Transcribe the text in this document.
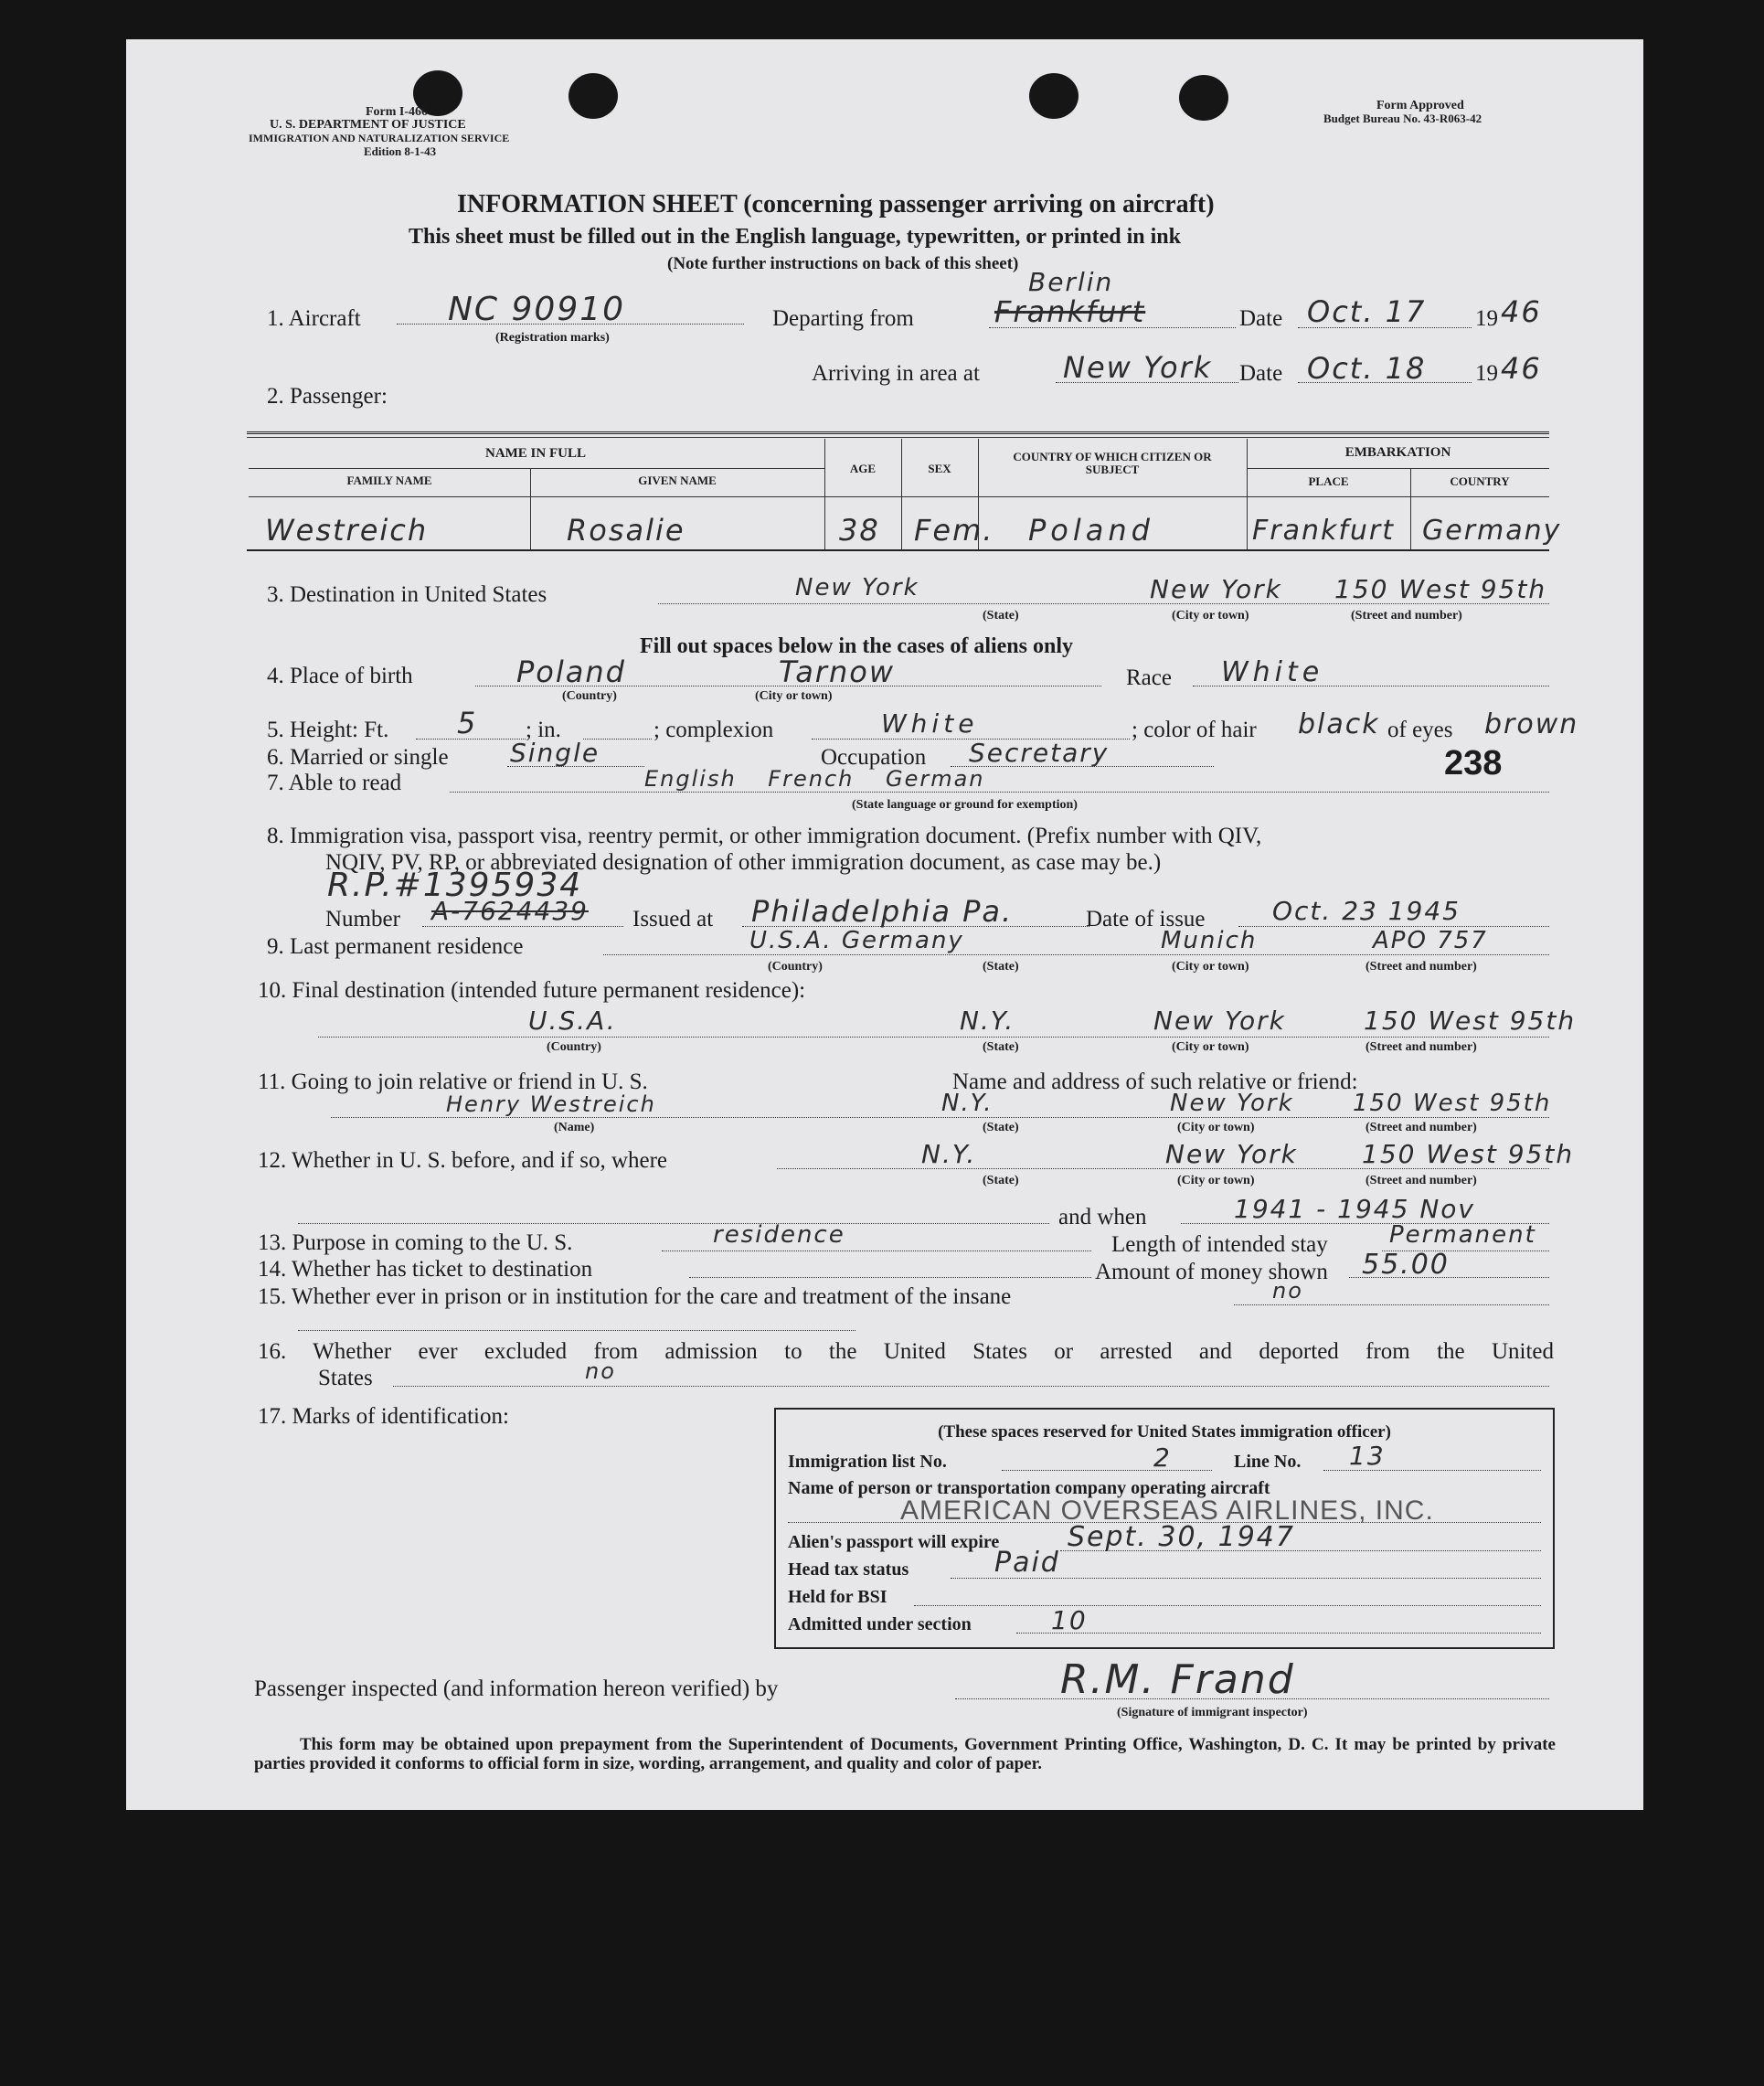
Form I-466
U. S. DEPARTMENT OF JUSTICE
IMMIGRATION AND NATURALIZATION SERVICE
Edition 8-1-43
Form Approved
Budget Bureau No. 43-R063-42
INFORMATION SHEET (concerning passenger arriving on aircraft)
This sheet must be filled out in the English language, typewritten, or printed in ink
(Note further instructions on back of this sheet)
1. Aircraft	NC 90910
(Registration marks)
Departing from	Frankfurt
Berlin
Date Oct. 17 19 46
Arriving in area at	New York Date Oct. 18 19 46
2. Passenger:
NAME IN FULL
FAMILY NAME	GIVEN NAME
AGE	SEX
COUNTRY OF WHICH CITIZEN OR SUBJECT
EMBARKATION
PLACE	COUNTRY
Westreich	Rosalie	38 Fem. Poland	Frankfurt Germany
3. Destination in United States	New York	New York 150 West 95th
(State)	(City or town)	(Street and number)
Fill out spaces below in the cases of aliens only
4. Place of birth	Poland	Tarnow
(Country)	(City or town)
Race White
5. Height: Ft. 5 ; in.	; complexion	White	; color of hair black of eyes brown
6. Married or single Single	Occupation Secretary	238
7. Able to read	English French German
(State language or ground for exemption)
8. Immigration visa, passport visa, reentry permit, or other immigration document. (Prefix number with QIV,
NQIV, PV, RP, or abbreviated designation of other immigration document, as case may be.)
R.P.#1395934
Number A-7624439 Issued at Philadelphia Pa.	Date of issue	Oct. 23 1945
9. Last permanent residence	U.S.A. Germany	Munich	APO 757
(Country)	(State)	(City or town)	(Street and number)
10. Final destination (intended future permanent residence):
U.S.A.	N.Y.	New York	150 West 95th
(Country)	(State)	(City or town)	(Street and number)
11. Going to join relative or friend in U. S.	Name and address of such relative or friend:
Henry Westreich	N.Y.	New York 150 West 95th
(Name)	(State)	(City or town)	(Street and number)
12. Whether in U. S. before, and if so, where	N.Y.	New York	150 West 95th
(State)	(City or town)	(Street and number)
and when	1941 - 1945 Nov
13. Purpose in coming to the U. S.	residence	Length of intended stay	Permanent
14. Whether has ticket to destination	Amount of money shown 55.00
15. Whether ever in prison or in institution for the care and treatment of the insane	no
16. Whether ever excluded from admission to the United States or arrested and deported from the United
States	no
17. Marks of identification:
(These spaces reserved for United States immigration officer)
Immigration list No.	2	Line No. 13
Name of person or transportation company operating aircraft
AMERICAN OVERSEAS AIRLINES, INC.
Alien's passport will expire Sept. 30, 1947
Head tax status	Paid
Held for BSI
Admitted under section	10
Passenger inspected (and information hereon verified) by	R.M. Frand
(Signature of immigrant inspector)
This form may be obtained upon prepayment from the Superintendent of Documents, Government Printing Office, Washington, D. C. It may be printed by private parties provided it conforms to official form in size, wording, arrangement, and quality and color of paper.
